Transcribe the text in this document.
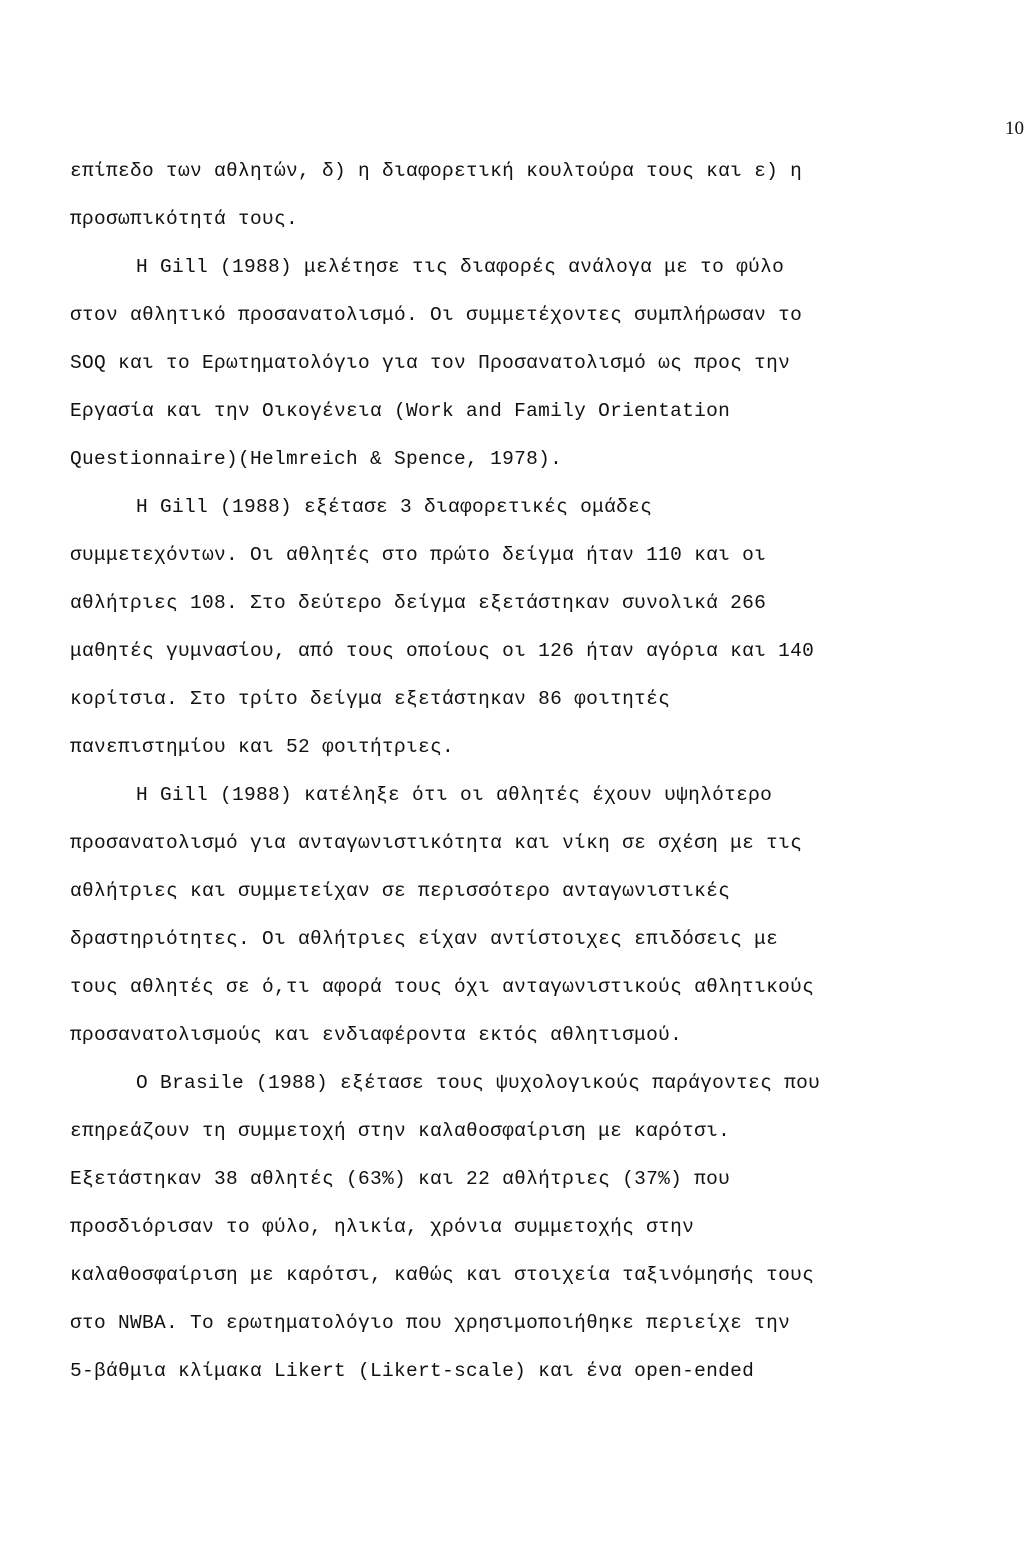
10
επίπεδο των αθλητών, δ) η διαφορετική κουλτούρα τους και ε) η
προσωπικότητά τους.
Η Gill (1988) μελέτησε τις διαφορές ανάλογα με το φύλο
στον αθλητικό προσανατολισμό. Οι συμμετέχοντες συμπλήρωσαν το
SOQ και το Ερωτηματολόγιο για τον Προσανατολισμό ως προς την
Εργασία και την Οικογένεια (Work and Family Orientation
Questionnaire)(Helmreich & Spence, 1978).
Η Gill (1988) εξέτασε 3 διαφορετικές ομάδες
συμμετεχόντων. Οι αθλητές στο πρώτο δείγμα ήταν 110 και οι
αθλήτριες 108. Στο δεύτερο δείγμα εξετάστηκαν συνολικά 266
μαθητές γυμνασίου, από τους οποίους οι 126 ήταν αγόρια και 140
κορίτσια. Στο τρίτο δείγμα εξετάστηκαν 86 φοιτητές
πανεπιστημίου και 52 φοιτήτριες.
Η Gill (1988) κατέληξε ότι οι αθλητές έχουν υψηλότερο
προσανατολισμό για ανταγωνιστικότητα και νίκη σε σχέση με τις
αθλήτριες και συμμετείχαν σε περισσότερο ανταγωνιστικές
δραστηριότητες. Οι αθλήτριες είχαν αντίστοιχες επιδόσεις με
τους αθλητές σε ό,τι αφορά τους όχι ανταγωνιστικούς αθλητικούς
προσανατολισμούς και ενδιαφέροντα εκτός αθλητισμού.
Ο Brasile (1988) εξέτασε τους ψυχολογικούς παράγοντες που
επηρεάζουν τη συμμετοχή στην καλαθοσφαίριση με καρότσι.
Εξετάστηκαν 38 αθλητές (63%) και 22 αθλήτριες (37%) που
προσδιόρισαν το φύλο, ηλικία, χρόνια συμμετοχής στην
καλαθοσφαίριση με καρότσι, καθώς και στοιχεία ταξινόμησής τους
στο NWBA. Το ερωτηματολόγιο που χρησιμοποιήθηκε περιείχε την
5-βάθμια κλίμακα Likert (Likert-scale) και ένα open-ended
